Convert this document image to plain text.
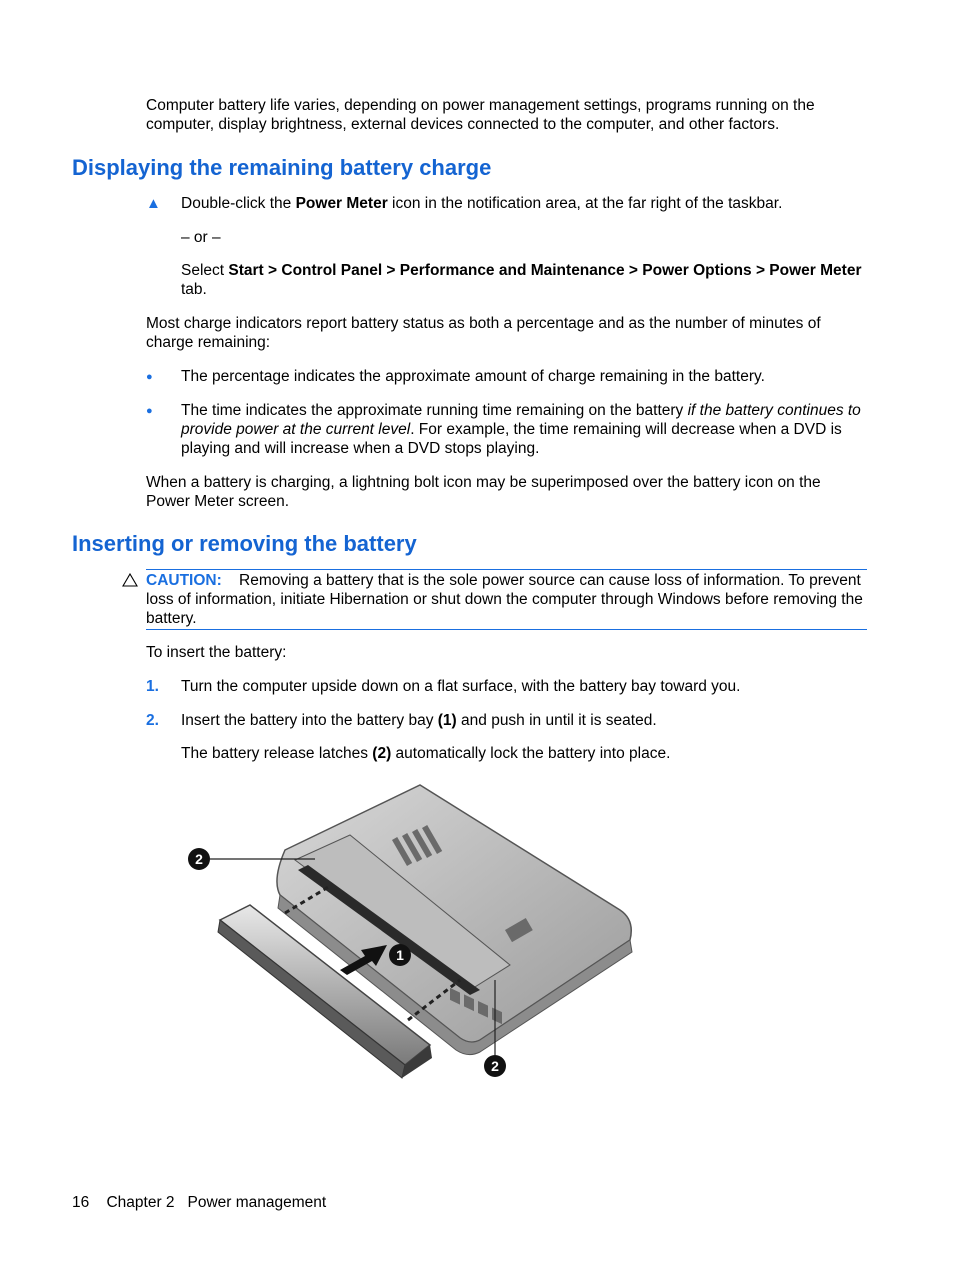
Computer battery life varies, depending on power management settings, programs running on the computer, display brightness, external devices connected to the computer, and other factors.
Displaying the remaining battery charge
▲ Double-click the Power Meter icon in the notification area, at the far right of the taskbar.
– or –
Select Start > Control Panel > Performance and Maintenance > Power Options > Power Meter tab.
Most charge indicators report battery status as both a percentage and as the number of minutes of charge remaining:
● The percentage indicates the approximate amount of charge remaining in the battery.
● The time indicates the approximate running time remaining on the battery if the battery continues to provide power at the current level. For example, the time remaining will decrease when a DVD is playing and will increase when a DVD stops playing.
When a battery is charging, a lightning bolt icon may be superimposed over the battery icon on the Power Meter screen.
Inserting or removing the battery
CAUTION: Removing a battery that is the sole power source can cause loss of information. To prevent loss of information, initiate Hibernation or shut down the computer through Windows before removing the battery.
To insert the battery:
1. Turn the computer upside down on a flat surface, with the battery bay toward you.
2. Insert the battery into the battery bay (1) and push in until it is seated.
The battery release latches (2) automatically lock the battery into place.
2
1
2
16 Chapter 2 Power management
